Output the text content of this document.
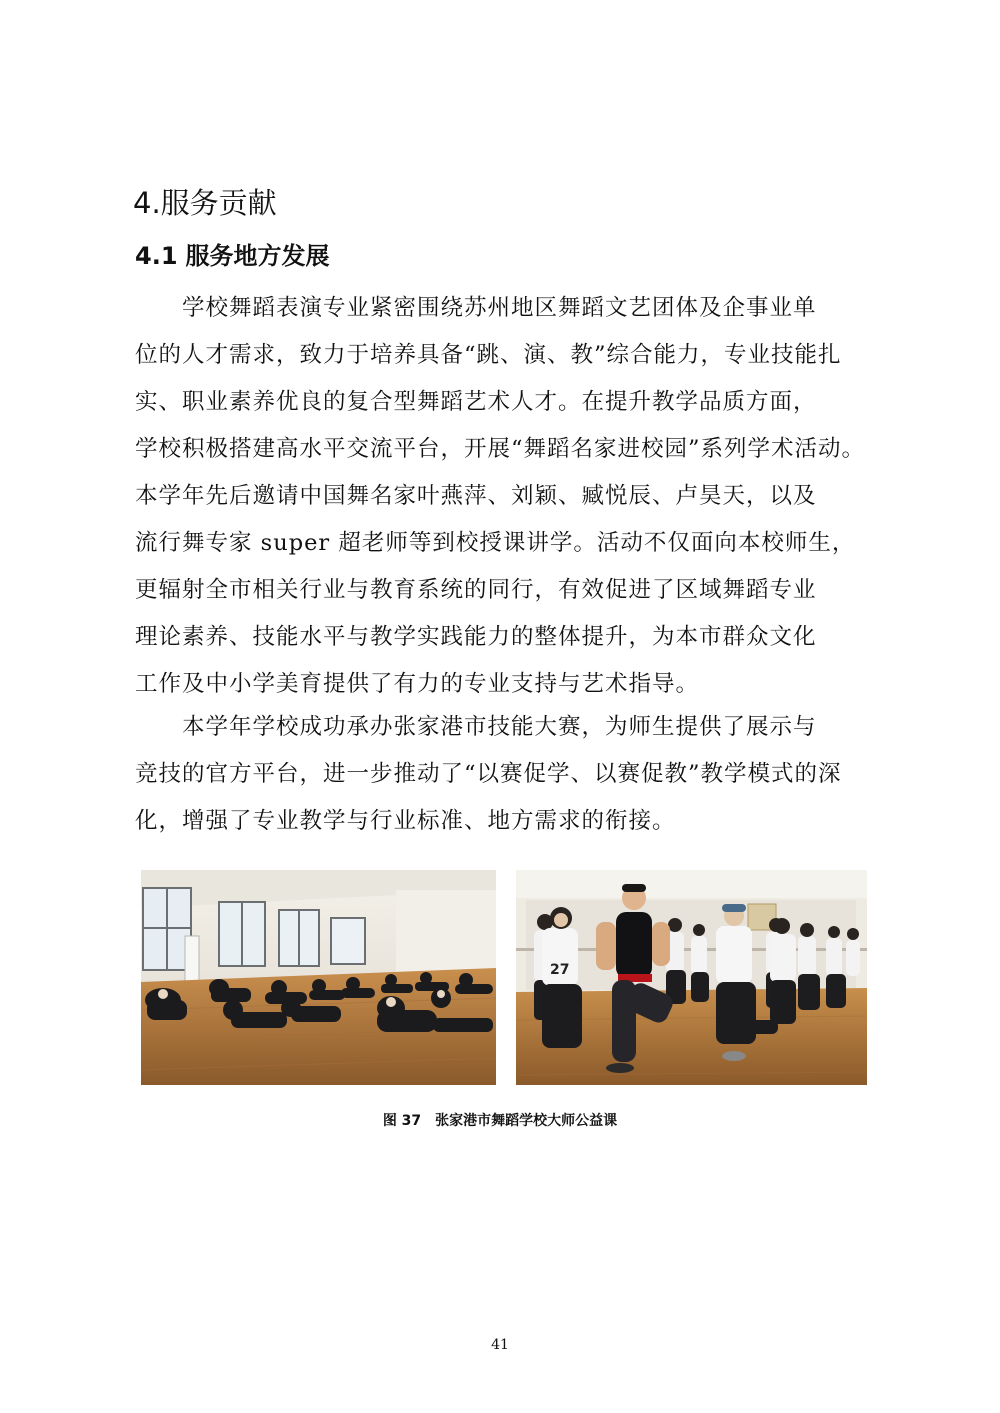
4.服务贡献
4.1 服务地方发展
　　学校舞蹈表演专业紧密围绕苏州地区舞蹈文艺团体及企事业单
位的人才需求，致力于培养具备“跳、演、教”综合能力，专业技能扎
实、职业素养优良的复合型舞蹈艺术人才。在提升教学品质方面，
学校积极搭建高水平交流平台，开展“舞蹈名家进校园”系列学术活动。
本学年先后邀请中国舞名家叶燕萍、刘颖、臧悦辰、卢昊天，以及
流行舞专家 super 超老师等到校授课讲学。活动不仅面向本校师生，
更辐射全市相关行业与教育系统的同行，有效促进了区域舞蹈专业
理论素养、技能水平与教学实践能力的整体提升，为本市群众文化
工作及中小学美育提供了有力的专业支持与艺术指导。
　　本学年学校成功承办张家港市技能大赛，为师生提供了展示与
竞技的官方平台，进一步推动了“以赛促学、以赛促教”教学模式的深
化，增强了专业教学与行业标准、地方需求的衔接。
27
图 37 张家港市舞蹈学校大师公益课
41
